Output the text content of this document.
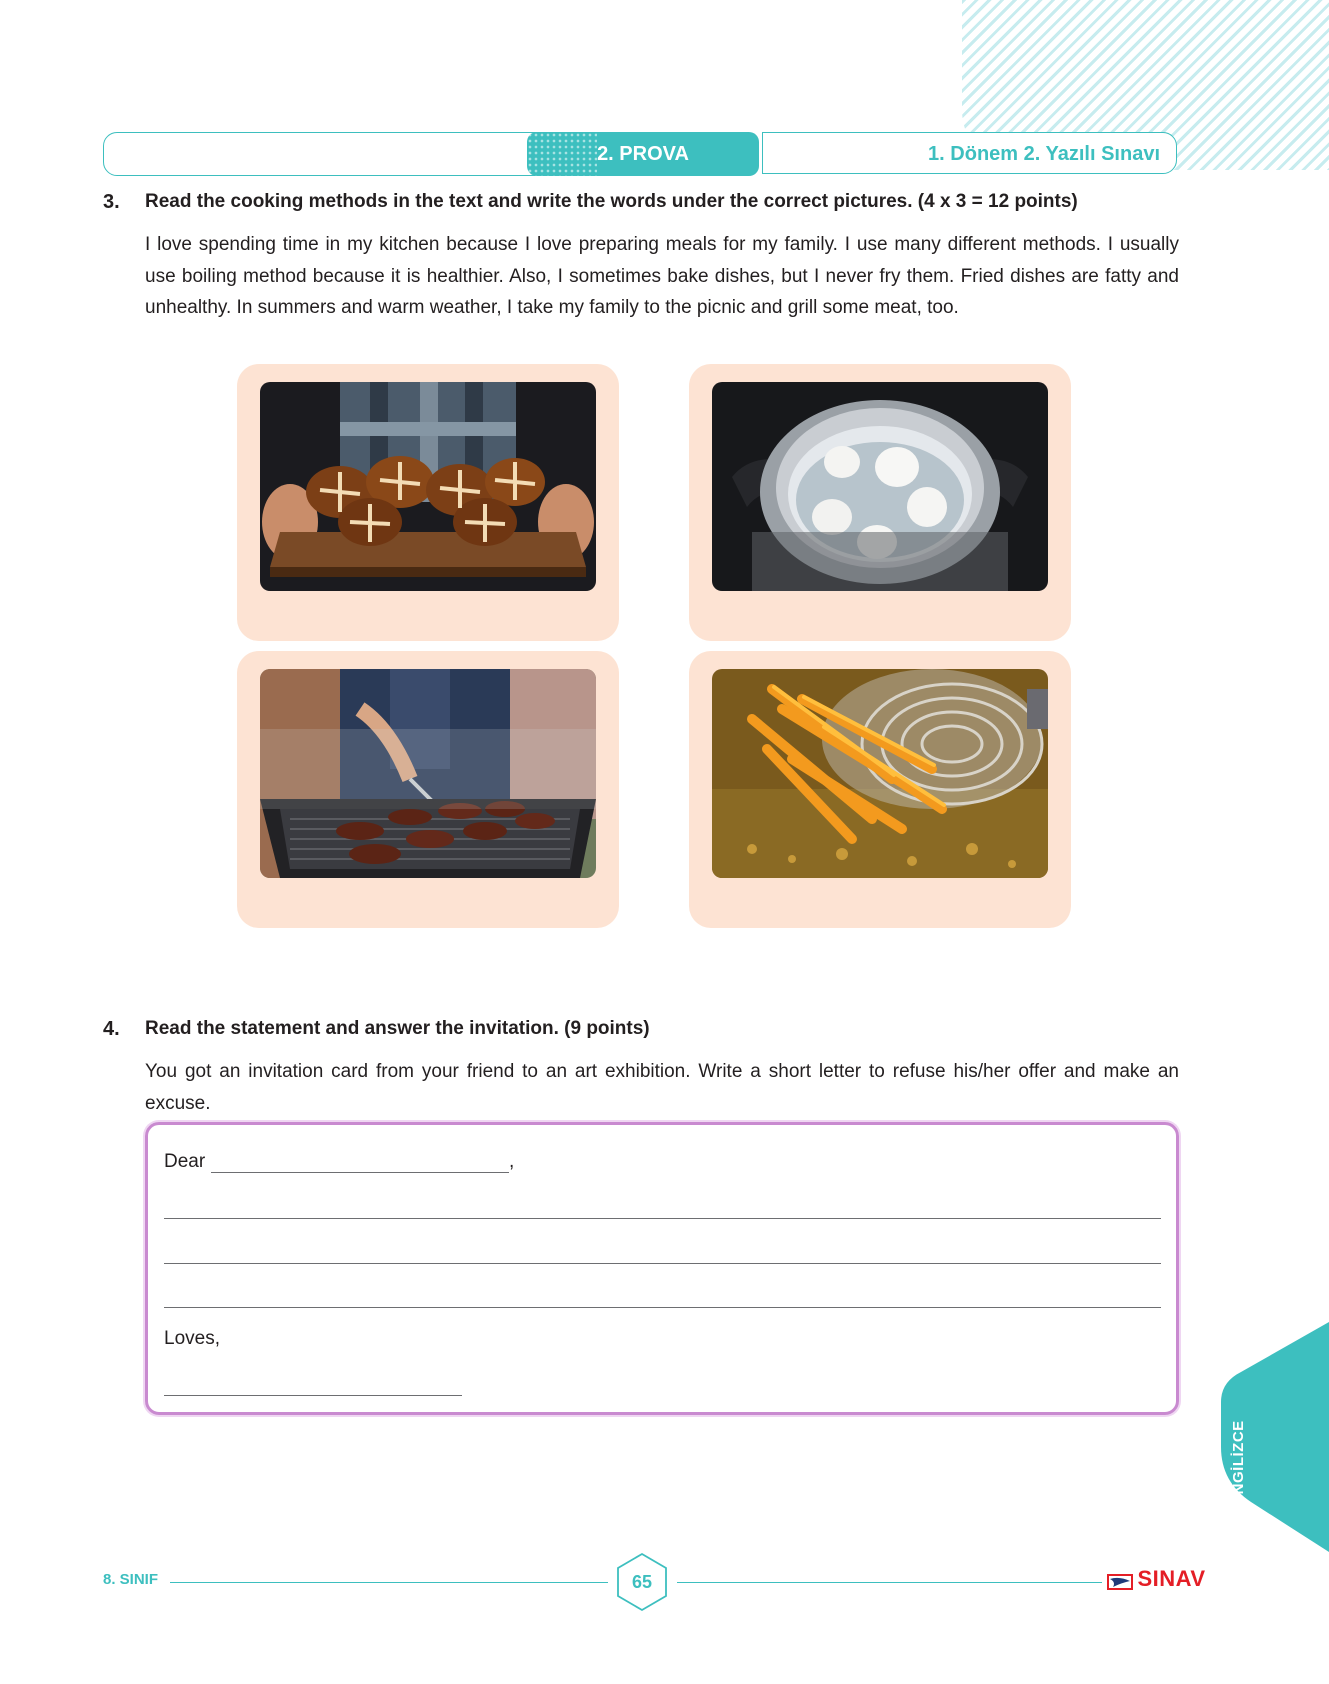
1. Dönem 2. Yazılı Sınavı
2. PROVA
3. Read the cooking methods in the text and write the words under the correct pictures. (4 x 3 = 12 points)
I love spending time in my kitchen because I love preparing meals for my family. I use many different methods. I usually use boiling method because it is healthier. Also, I sometimes bake dishes, but I never fry them. Fried dishes are fatty and unhealthy. In summers and warm weather, I take my family to the picnic and grill some meat, too.
4. Read the statement and answer the invitation. (9 points)
You got an invitation card from your friend to an art exhibition. Write a short letter to refuse his/her offer and make an excuse.
Dear	,
Loves,
İNGİLİZCE
8. SINIF	65	SINAV
